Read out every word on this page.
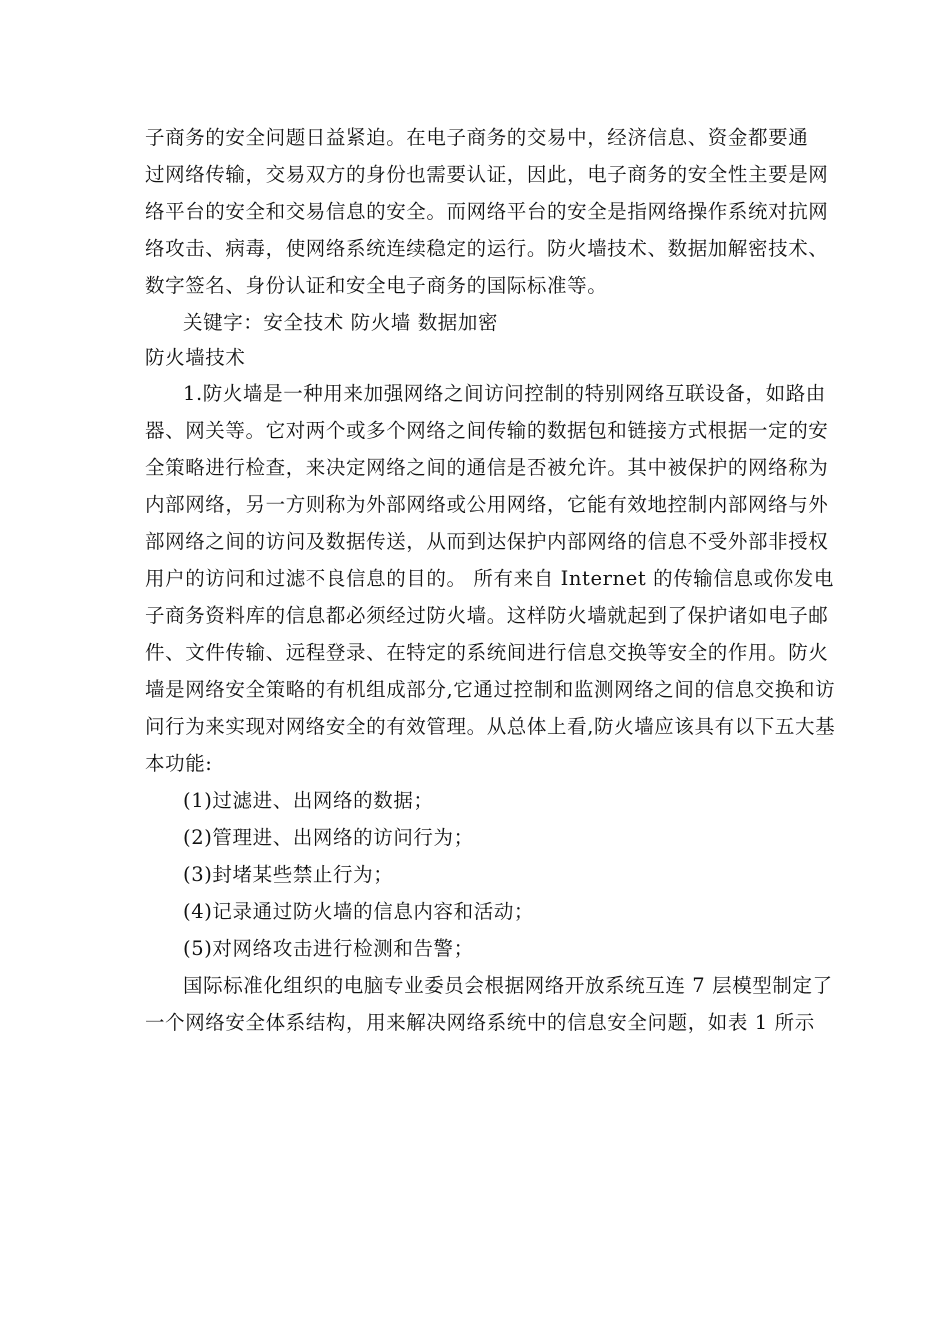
子商务的安全问题日益紧迫。在电子商务的交易中，经济信息、资金都要通
过网络传输，交易双方的身份也需要认证，因此，电子商务的安全性主要是网
络平台的安全和交易信息的安全。而网络平台的安全是指网络操作系统对抗网
络攻击、病毒，使网络系统连续稳定的运行。防火墙技术、数据加解密技术、
数字签名、身份认证和安全电子商务的国际标准等。
关键字：安全技术 防火墙 数据加密
防火墙技术
1.防火墙是一种用来加强网络之间访问控制的特别网络互联设备，如路由
器、网关等。它对两个或多个网络之间传输的数据包和链接方式根据一定的安
全策略进行检查，来决定网络之间的通信是否被允许。其中被保护的网络称为
内部网络，另一方则称为外部网络或公用网络，它能有效地控制内部网络与外
部网络之间的访问及数据传送，从而到达保护内部网络的信息不受外部非授权
用户的访问和过滤不良信息的目的。 所有来自 Internet 的传输信息或你发电
子商务资料库的信息都必须经过防火墙。这样防火墙就起到了保护诸如电子邮
件、文件传输、远程登录、在特定的系统间进行信息交换等安全的作用。防火
墙是网络安全策略的有机组成部分,它通过控制和监测网络之间的信息交换和访
问行为来实现对网络安全的有效管理。从总体上看,防火墙应该具有以下五大基
本功能:
(1)过滤进、出网络的数据；
(2)管理进、出网络的访问行为；
(3)封堵某些禁止行为；
(4)记录通过防火墙的信息内容和活动；
(5)对网络攻击进行检测和告警；
国际标准化组织的电脑专业委员会根据网络开放系统互连 7 层模型制定了
一个网络安全体系结构，用来解决网络系统中的信息安全问题，如表 1 所示
